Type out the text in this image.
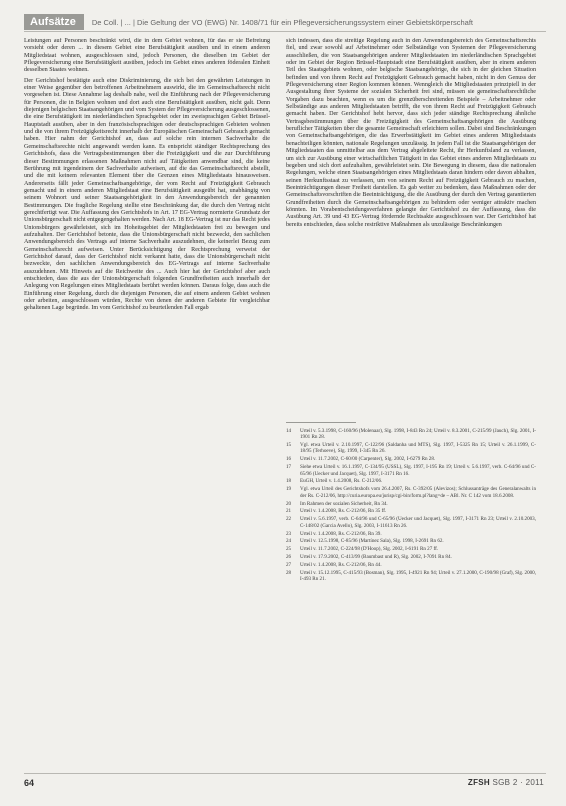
Aufsätze	De Coll. | ... | Die Geltung der VO (EWG) Nr. 1408/71 für ein Pflegeversicherungssystem einer Gebietskörperschaft

Leistungen auf Personen beschränkt wird, die in dem Gebiet wohnen, für das er sie Befreiung vorsieht oder deren ... in diesem Gebiet eine Berufstätigkeit ausüben und in einem anderen Mitgliedstaat wohnen, ausgeschlossen sind, jedoch Personen, die dieselben im Gebiet der Pflegeversicherung eine Berufstätigkeit ausüben, jedoch im Gebiet eines anderen föderalen Einheit desselben Staates wohnen.

Der Gerichtshof bestätigte auch eine Diskriminierung, die sich bei den gewährten Leistungen in einer Weise gegenüber den betroffenen Arbeitnehmern auswirkt, die im Gemeinschaftsrecht nicht vorgesehen ist. Diese Annahme lag deshalb nahe, weil die Einführung nach der Pflegeversicherung für Personen, die in Belgien wohnen und dort auch eine Berufstätigkeit ausüben, nicht galt. Denn diejenigen belgischen Staatsangehörigen und vom System der Pflegeversicherung ausgeschlossenen, die eine Berufstätigkeit im niederländischen Sprachgebiet oder im zweisprachigen Gebiet Brüssel-Hauptstadt ausüben, aber in den französischsprachigen oder deutschsprachigen Gebieten wohnen und die von ihrem Freizügigkeitsrecht innerhalb der Europäischen Gemeinschaft Gebrauch gemacht haben. Hier nahm der Gerichtshof an, dass auf solche rein internen Sachverhalte die Gemeinschaftsrechte nicht angewandt werden kann. Es entspricht ständiger Rechtsprechung des Gerichtshofs, dass die Vertragsbestimmungen über die Freizügigkeit und die zur Durchführung dieser Bestimmungen erlassenen Maßnahmen nicht auf Tätigkeiten anwendbar sind, die keine Berührung mit irgendeinem der Sachverhalte aufweisen, auf die das Gemeinschaftsrecht abstellt, und die mit keinem relevanten Element über die Grenzen eines Mitgliedstaats hinausweisen. Andererseits fällt jeder Gemeinschaftsangehörige, der vom Recht auf Freizügigkeit Gebrauch gemacht und in einem anderen Mitgliedstaat eine Berufstätigkeit ausgeübt hat, unabhängig von seinem Wohnort und seiner Staatsangehörigkeit in den Anwendungsbereich der genannten Bestimmungen. Die fragliche Regelung stellte eine Beschränkung dar, die durch den Vertrag nicht gerechtfertigt war. Die Auffassung des Gerichtshofs in Art. 17 EG-Vertrag normierte Grundsatz der Unionsbürgerschaft nicht entgegengehalten werden. Nach Art. 18 EG-Vertrag ist nur das Recht jedes Unionsbürgers gewährleistet, sich im Hoheitsgebiet der Mitgliedstaaten frei zu bewegen und aufzuhalten. Der Gerichtshof betonte, dass die Unionsbürgerschaft nicht bezweckt, den sachlichen Anwendungsbereich des Vertrags auf interne Sachverhalte auszudehnen, die keinerlei Bezug zum Gemeinschaftsrecht aufweisen. Unter Berücksichtigung der Rechtsprechung verweist der Gerichtshof darauf, dass der Gerichtshof nicht verkannt hatte, dass die Unionsbürgerschaft nicht bezweckte, den sachlichen Anwendungsbereich des EG-Vertrags auf interne Sachverhalte auszudehnen. Mit Hinweis auf die Reichweite des ... Auch hier hat der Gerichtshof aber auch entschieden, dass die aus der Unionsbürgerschaft folgenden Grundfreiheiten auch innerhalb der Anlegung von Regelungen eines Mitgliedstaats berührt werden können. Daraus folge, dass auch die Einführung einer Regelung, durch die diejenigen Personen, die auf einem anderen Gebiet wohnen oder arbeiten, ausgeschlossen würden, Rechte von denen der anderen Gebiete für vergleichbar gehaltenen Lage begründe. Im vom Gerichtshof zu beurteilenden Fall ergab

sich indessen, dass die streitige Regelung auch in den Anwendungsbereich des Gemeinschaftsrechts fiel, und zwar sowohl auf Arbeitnehmer oder Selbständige von Systemen der Pflegeversicherung ausschließen, die von Staatsangehörigen anderer Mitgliedstaaten im niederländischen Sprachgebiet oder im Gebiet der Region Brüssel-Hauptstadt eine Berufstätigkeit ausüben, aber in einem anderen Teil des Staatsgebiets wohnen, oder belgische Staatsangehörige, die sich in der gleichen Situation befinden und von ihrem Recht auf Freizügigkeit Gebrauch gemacht haben, nicht in den Genuss der Pflegeversicherung einer Region kommen können. Wenngleich die Mitgliedstaaten prinzipiell in der Ausgestaltung ihrer Systeme der sozialen Sicherheit frei sind, müssen sie gemeinschaftsrechtliche Vorgaben dazu beachten, wenn es um die grenzüberschreitenden Beispiele – Arbeitnehmer oder Selbständige aus anderen Mitgliedstaaten betrifft, die von ihrem Recht auf Freizügigkeit Gebrauch gemacht haben. Der Gerichtshof hebt hervor, dass sich jeder ständige Rechtsprechung ähnliche Vertragsbestimmungen über die Freizügigkeit des Gemeinschaftsangehörigen die Ausübung beruflicher Tätigkeiten über die gesamte Gemeinschaft erleichtern sollen. Dabei sind Beschränkungen von Gemeinschaftsangehörigen, die das Erwerbstätigkeit im Gebiet eines anderen Mitgliedstaats benachteiligen könnten, nationale Regelungen unzulässig. In jedem Fall ist die Staatsangehörigen der Mitgliedstaaten das unmittelbar aus dem Vertrag abgeleitete Recht, ihr Herkunftsland zu verlassen, um sich zur Ausübung einer wirtschaftlichen Tätigkeit in das Gebiet eines anderen Mitgliedstaats zu begeben und sich dort aufzuhalten, gewährleistet sein. Die Bewegung in diesem, dass die nationalen Regelungen, welche einen Staatsangehörigen eines Mitgliedstaats daran hindern oder davon abhalten, seinen Herkunftsstaat zu verlassen, um von seinem Recht auf Freizügigkeit Gebrauch zu machen, Beeinträchtigungen dieser Freiheit darstellen. Es gab weiter zu bedenken, dass Maßnahmen oder der Gemeinschaftsvorschriften die Beeinträchtigung, die die Ausübung der durch den Vertrag garantierten Grundfreiheiten durch die Gemeinschaftsangehörigen zu behindern oder weniger attraktiv machen könnten. Im Vorabentscheidungsverfahren gelangte der Gerichtshof zu der Auffassung, dass die Ausübung Art. 39 und 43 EG-Vertrag fördernde Rechtsakte ausgeschlossen war. Der Gerichtshof hat bereits entschieden, dass solche restriktive Maßnahmen als unzulässige Beschränkungen

14	Urteil v. 5.3.1998, C-160/96 (Molenaar), Slg. 1998, I-843 Rn 24; Urteil v. 8.3.2001, C-215/99 (Jauch), Slg. 2001, I-1901 Rn 28.
15	Vgl. etwa Urteil v. 2.10.1997, C-122/96 (Saldanha und MTS), Slg. 1997, I-5325 Rn 15; Urteil v. 26.1.1999, C-18/95 (Terhoeve), Slg. 1999, I-345 Rn 26.
16	Urteil v. 11.7.2002, C-60/00 (Carpenter), Slg. 2002, I-6279 Rn 28.
17	Siehe etwa Urteil v. 16.1.1997, C-134/95 (USSL), Slg. 1997, I-195 Rn 19; Urteil v. 5.6.1997, verb. C-64/96 und C-65/96 (Uecker und Jacquet), Slg. 1997, I-3171 Rn 16.
18	EuGH, Urteil v. 1.4.2008, Rs. C-212/06.
19	Vgl. etwa Urteil des Gerichtshofs vom 26.4.2007, Rs. C-392/05 (Alevizos); Schlussanträge des Generalanwalts in der Rs. C-212/06, http://curia.europa.eu/jurisp/cgi-bin/form.pl?lang=de – ABl. Nr. C 142 vom 18.6.2008.
20	Im Rahmen der sozialen Sicherheit, Rn 34.
21	Urteil v. 1.4.2008, Rs. C-212/06, Rn 35 ff.
22	Urteil v. 5.6.1997, verb. C-64/96 und C-65/96 (Uecker und Jacquet), Slg. 1997, I-3171 Rn 23; Urteil v. 2.10.2003, C-148/02 (Garcia Avello), Slg. 2003, I-11613 Rn 26.
23	Urteil v. 1.4.2008, Rs. C-212/06, Rn 39.
24	Urteil v. 12.5.1998, C-85/96 (Martínez Sala), Slg. 1998, I-2691 Rn 62.
25	Urteil v. 11.7.2002, C-224/98 (D'Hoop), Slg. 2002, I-6191 Rn 27 ff.
26	Urteil v. 17.9.2002, C-413/99 (Baumbast und R), Slg. 2002, I-7091 Rn 84.
27	Urteil v. 1.4.2008, Rs. C-212/06, Rn 44.
28	Urteil v. 15.12.1995, C-415/93 (Bosman), Slg. 1995, I-4921 Rn 94; Urteil v. 27.1.2000, C-190/98 (Graf), Slg. 2000, I-493 Rn 21.
64	ZFSH SGB 2 · 2011
